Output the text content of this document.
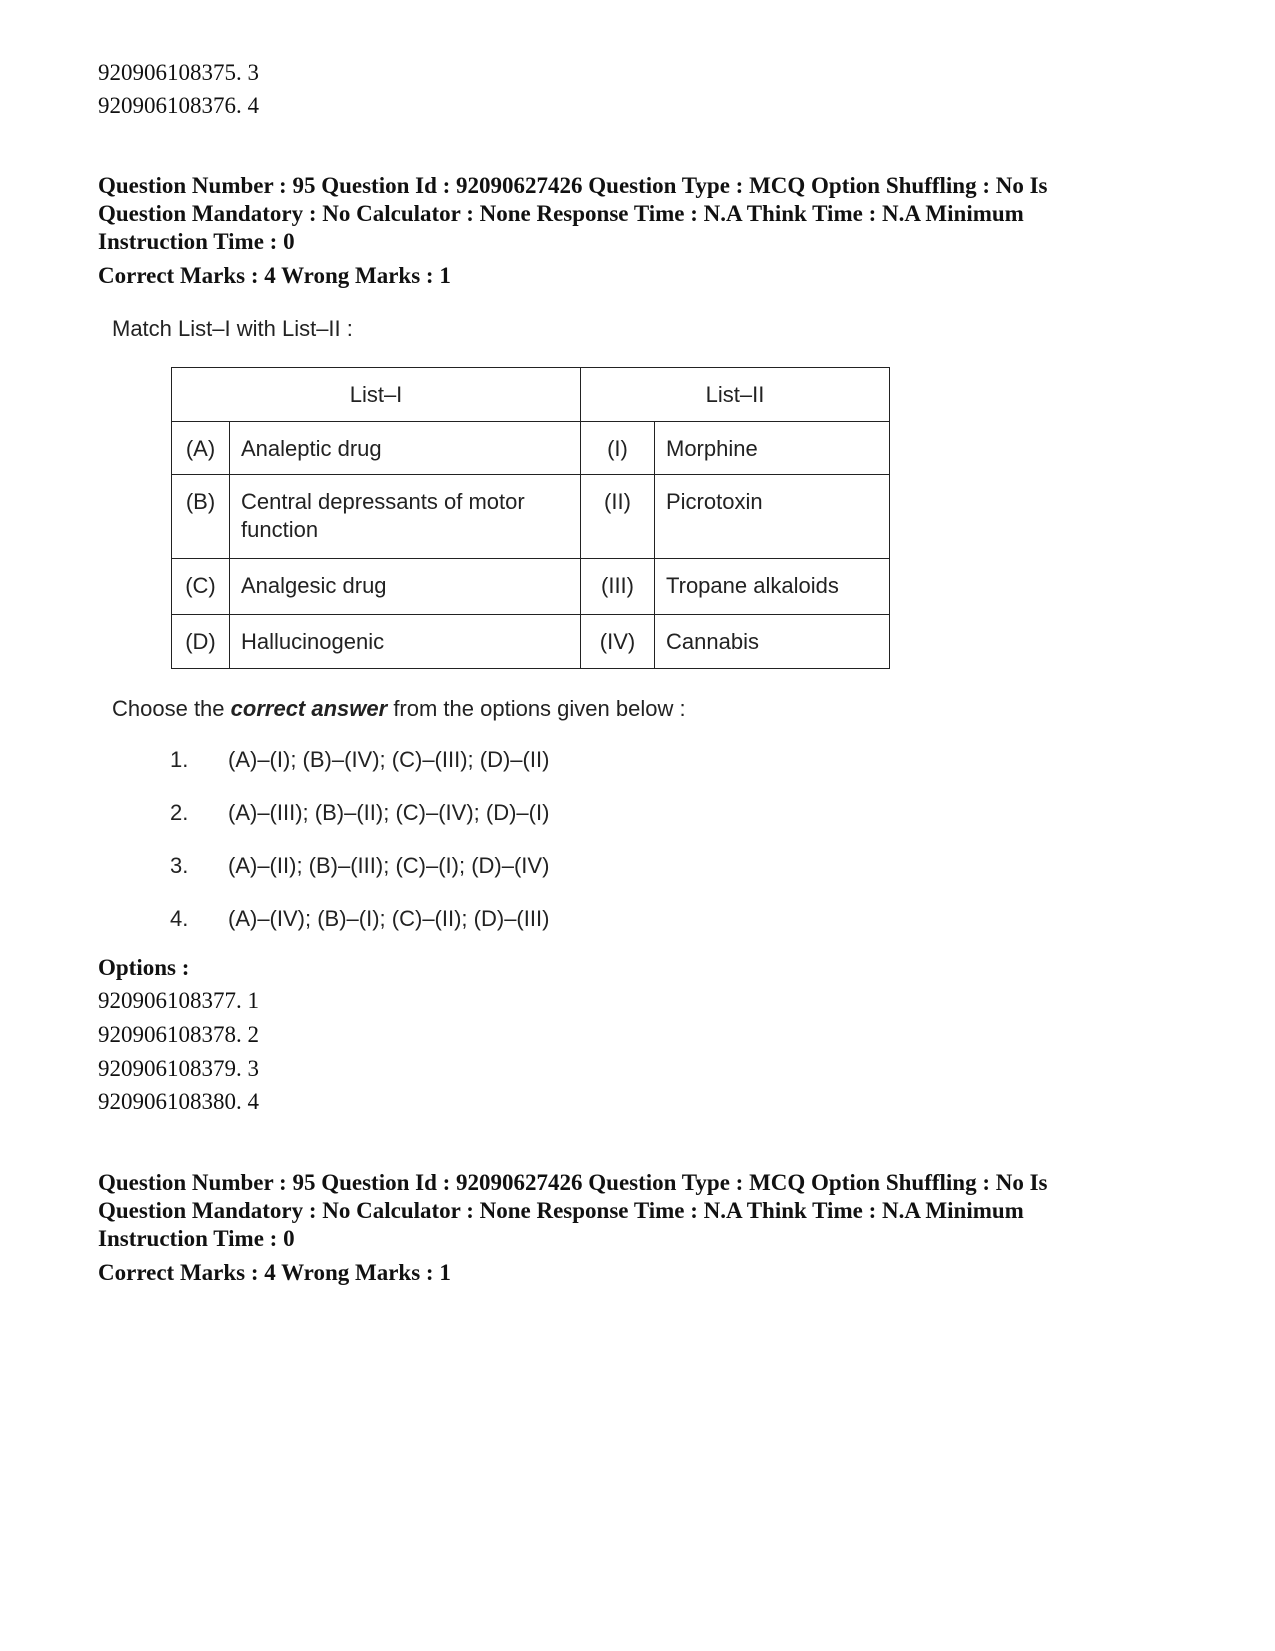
920906108375. 3
920906108376. 4
Question Number : 95 Question Id : 92090627426 Question Type : MCQ Option Shuffling : No Is
Question Mandatory : No Calculator : None Response Time : N.A Think Time : N.A Minimum
Instruction Time : 0
Correct Marks : 4 Wrong Marks : 1
Match List–I with List–II :
List–I		List–II	
(A)	Analeptic drug	(I)	Morphine
(B)	Central depressants of motor function	(II)	Picrotoxin
(C)	Analgesic drug	(III)	Tropane alkaloids
(D)	Hallucinogenic	(IV)	Cannabis
Choose the correct answer from the options given below :
1. (A)–(I); (B)–(IV); (C)–(III); (D)–(II)
2. (A)–(III); (B)–(II); (C)–(IV); (D)–(I)
3. (A)–(II); (B)–(III); (C)–(I); (D)–(IV)
4. (A)–(IV); (B)–(I); (C)–(II); (D)–(III)
Options :
920906108377. 1
920906108378. 2
920906108379. 3
920906108380. 4
Question Number : 95 Question Id : 92090627426 Question Type : MCQ Option Shuffling : No Is
Question Mandatory : No Calculator : None Response Time : N.A Think Time : N.A Minimum
Instruction Time : 0
Correct Marks : 4 Wrong Marks : 1
